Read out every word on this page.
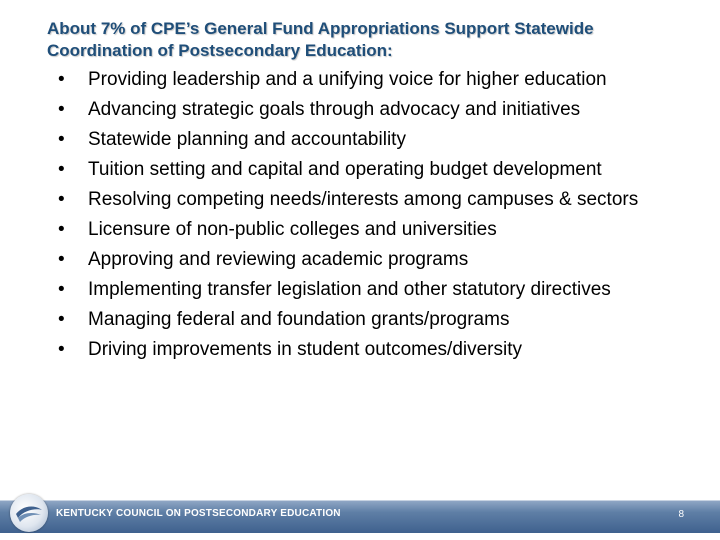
About 7% of CPE’s General Fund Appropriations Support Statewide Coordination of Postsecondary Education:
• Providing leadership and a unifying voice for higher education
• Advancing strategic goals through advocacy and initiatives
• Statewide planning and accountability
• Tuition setting and capital and operating budget development
• Resolving competing needs/interests among campuses & sectors
• Licensure of non-public colleges and universities
• Approving and reviewing academic programs
• Implementing transfer legislation and other statutory directives
• Managing federal and foundation grants/programs
• Driving improvements in student outcomes/diversity
KENTUCKY COUNCIL ON POSTSECONDARY EDUCATION	8
